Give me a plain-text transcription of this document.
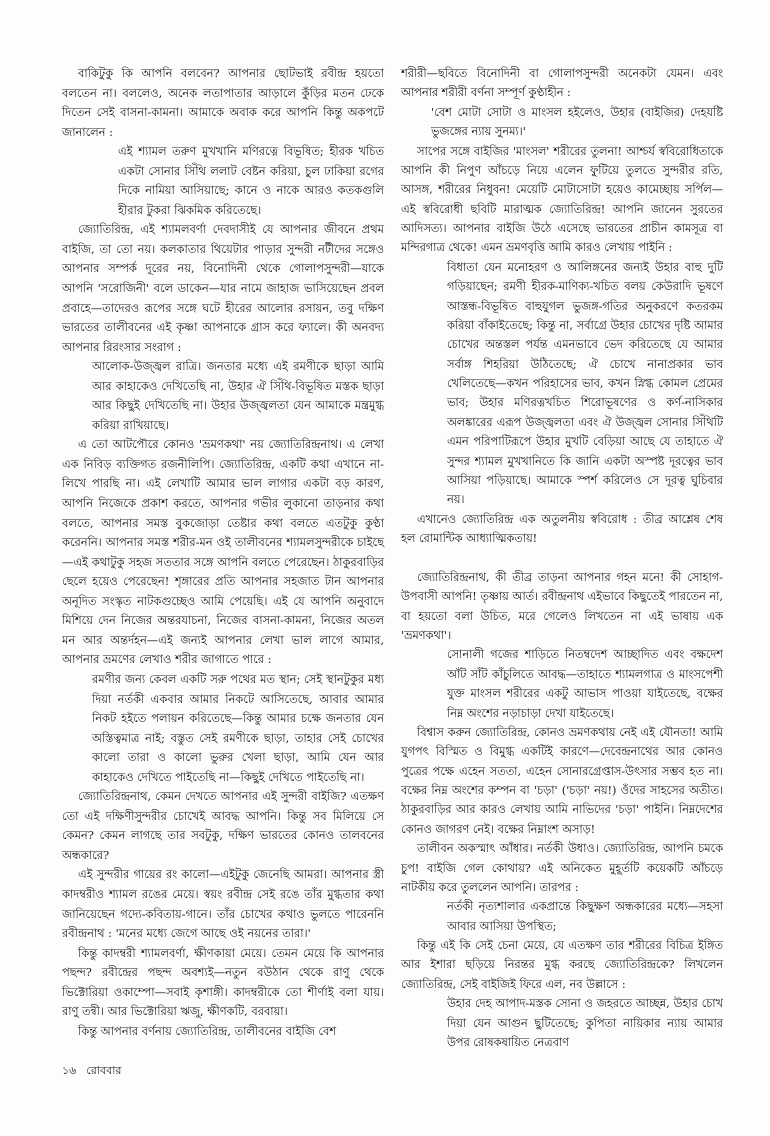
বাকিটুকু কি আপনি বলবেন? আপনার ছোটভাই রবীন্দ্র হয়তো বলতেন না। বললেও, অনেক লতাপাতার আড়ালে কুঁড়ির মতন ঢেকে দিতেন সেই বাসনা-কামনা। আমাকে অবাক করে আপনি কিন্তু অকপটে জানালেন :

এই শ্যামল তরুণ মুখখানি মণিরত্নে বিভূষিত; হীরক খচিত একটা সোনার সিঁথি ললাট বেষ্টন করিয়া, চুল ঢাকিয়া রগের দিকে নামিয়া আসিয়াছে; কানে ও নাকে আরও কতকগুলি হীরার টুকরা ঝিকমিক করিতেছে।

জ্যোতিরিন্দ্র, এই শ্যামলবর্ণা দেবদাসীই যে আপনার জীবনে প্রথম বাইজি, তা তো নয়। কলকাতার থিয়েটার পাড়ার সুন্দরী নটীদের সঙ্গেও আপনার সম্পর্ক দূরের নয়, বিনোদিনী থেকে গোলাপসুন্দরী—যাকে আপনি 'সরোজিনী' বলে ডাকেন—যার নামে জাহাজ ভাসিয়েছেন প্রবল প্রবাহে—তাদেরও রূপের সঙ্গে ঘটে হীরের আলোর রসায়ন, তবু দক্ষিণ ভারতের তালীবনের এই কৃষ্ণা আপনাকে গ্রাস করে ফ্যালে। কী অনবদ্য আপনার রিরংসার সংরাগ :

আলোক-উজ্জ্বল রাত্রি। জনতার মধ্যে এই রমণীকে ছাড়া আমি আর কাহাকেও দেখিতেছি না, উহার ঐ সিঁথি-বিভূষিত মস্তক ছাড়া আর কিছুই দেখিতেছি না। উহার উজ্জ্বলতা যেন আমাকে মন্ত্রমুগ্ধ করিয়া রাখিয়াছে।

এ তো আটপৌরে কোনও 'ভ্রমণকথা' নয় জ্যোতিরিন্দ্রনাথ। এ লেখা এক নিবিড় ব্যক্তিগত রজনীলিপি। জ্যোতিরিন্দ্র, একটি কথা এখানে না-লিখে পারছি না। এই লেখাটি আমার ভাল লাগার একটা বড় কারণ, আপনি নিজেকে প্রকাশ করতে, আপনার গভীর লুকানো তাড়নার কথা বলতে, আপনার সমস্ত বুকজোড়া তেষ্টার কথা বলতে এতটুকু কুণ্ঠা করেননি। আপনার সমস্ত শরীর-মন ওই তালীবনের শ্যামলসুন্দরীকে চাইছে—এই কথাটুকু সহজ সততার সঙ্গে আপনি বলতে পেরেছেন। ঠাকুরবাড়ির ছেলে হয়েও পেরেছেন! শৃঙ্গারের প্রতি আপনার সহজাত টান আপনার অনূদিত সংস্কৃত নাটকগুচ্ছেও আমি পেয়েছি। এই যে আপনি অনুবাদে মিশিয়ে দেন নিজের অন্তরযাচনা, নিজের বাসনা-কামনা, নিজের অতল মন আর অন্তর্দহন—এই জন্যই আপনার লেখা ভাল লাগে আমার, আপনার ভ্রমণের লেখাও শরীর জাগাতে পারে :

রমণীর জন্য কেবল একটি সরু পথের মত স্থান; সেই স্থানটুকুর মধ্য দিয়া নর্তকী একবার আমার নিকটে আসিতেছে, আবার আমার নিকট হইতে পলায়ন করিতেছে—কিন্তু আমার চক্ষে জনতার যেন অস্তিত্বমাত্র নাই; বস্তুত সেই রমণীকে ছাড়া, তাহার সেই চোখের কালো তারা ও কালো ভুরুর খেলা ছাড়া, আমি যেন আর কাহাকেও দেখিতে পাইতেছি না—কিছুই দেখিতে পাইতেছি না।

জ্যোতিরিন্দ্রনাথ, কেমন দেখতে আপনার এই সুন্দরী বাইজি? এতক্ষণ তো এই দক্ষিণীসুন্দরীর চোখেই আবদ্ধ আপনি। কিন্তু সব মিলিয়ে সে কেমন? কেমন লাগছে তার সবটুকু, দক্ষিণ ভারতের কোনও তালবনের অন্ধকারে?

এই সুন্দরীর গায়ের রং কালো—এইটুকু জেনেছি আমরা। আপনার স্ত্রী কাদম্বরীও শ্যামল রঙের মেয়ে। স্বয়ং রবীন্দ্র সেই রঙে তাঁর মুগ্ধতার কথা জানিয়েছেন গদ্যে-কবিতায়-গানে। তাঁর চোখের কথাও ভুলতে পারেননি রবীন্দ্রনাথ : 'মনের মধ্যে জেগে আছে ওই নয়নের তারা।'

কিন্তু কাদম্বরী শ্যামলবর্ণা, ক্ষীণকায়া মেয়ে। তেমন মেয়ে কি আপনার পছন্দ? রবীন্দ্রের পছন্দ অবশ্যই—নতুন বউঠান থেকে রাণু থেকে ভিক্টোরিয়া ওকাম্পো—সবাই কৃশাঙ্গী। কাদম্বরীকে তো শীর্ণাই বলা যায়। রাণু তন্বী। আর ভিক্টোরিয়া ঋজু, ক্ষীণকটি, বরবায়া।

কিন্তু আপনার বর্ণনায় জ্যোতিরিন্দ্র, তালীবনের বাইজি বেশ

শরীরী—ছবিতে বিনোদিনী বা গোলাপসুন্দরী অনেকটা যেমন। এবং আপনার শরীরী বর্ণনা সম্পূর্ণ কুণ্ঠাহীন :

'বেশ মোটা সোটা ও মাংসল হইলেও, উহার (বাইজির) দেহযষ্টি ভুজঙ্গের ন্যায় সুনম্য।'

সাপের সঙ্গে বাইজির 'মাংসল' শরীরের তুলনা! আশ্চর্য স্ববিরোধিতাকে আপনি কী নিপুণ আঁচড়ে নিয়ে এলেন ফুটিয়ে তুলতে সুন্দরীর রতি, আসঙ্গ, শরীরের নিধুবন! মেয়েটি মোটাসোটা হয়েও কামেচ্ছায় সর্পিল—এই স্ববিরোধী ছবিটি মারাত্মক জ্যোতিরিন্দ্র! আপনি জানেন সুরতের আদিসত্য। আপনার বাইজি উঠে এসেছে ভারতের প্রাচীন কামসূত্র বা মন্দিরগাত্র থেকে! এমন ভ্রমণবৃত্তি আমি কারও লেখায় পাইনি :

বিধাতা যেন মনোহরণ ও আলিঙ্গনের জন্যই উহার বাহু দুটি গড়িয়াছেন; রমণী হীরক-মাণিক্য-খচিত বলয় কেউরাদি ভূষণে আস্তন্ধ-বিভূষিত বাহুযুগল ভুজঙ্গ-গতির অনুকরণে কতরকম করিয়া বাঁকাইতেছে; কিন্তু না, সর্বাগ্রে উহার চোখের দৃষ্টি আমার চোখের অন্তস্তল পর্যন্ত এমনভাবে ভেদ করিতেছে যে আমার সর্বাঙ্গ শিহরিয়া উঠিতেছে; ঐ চোখে নানাপ্রকার ভাব খেলিতেছে—কখন পরিহাসের ভাব, কখন স্নিগ্ধ কোমল প্রেমের ভাব; উহার মণিরত্নখচিত শিরোভূষণের ও কর্ণ-নাসিকার অলঙ্কারের এরূপ উজ্জ্বলতা এবং ঐ উজ্জ্বল সোনার সিঁথিটি এমন পরিপাটিরূপে উহার মুখটি বেড়িয়া আছে যে তাহাতে ঐ সুন্দর শ্যামল মুখখানিতে কি জানি একটা অস্পষ্ট দূরত্বের ভাব আসিয়া পড়িয়াছে। আমাকে স্পর্শ করিলেও সে দূরত্ব ঘুচিবার নয়।

এখানেও জ্যোতিরিন্দ্র এক অতুলনীয় স্ববিরোধ : তীব্র আশ্লেষ শেষ হল রোমান্টিক আধ্যাত্মিকতায়!

জ্যোতিরিন্দ্রনাথ, কী তীব্র তাড়না আপনার গহন মনে! কী সোহাগ-উপবাসী আপনি! তৃষ্ণায় আর্ত। রবীন্দ্রনাথ এইভাবে কিছুতেই পারতেন না, বা হয়তো বলা উচিত, মরে গেলেও লিখতেন না এই ভাষায় এক 'ভ্রমণকথা'।

সোনালী গজের শাড়িতে নিতম্বদেশ আচ্ছাদিত এবং বক্ষদেশ আঁট সাঁট কাঁচুলিতে আবদ্ধ—তাহাতে শ্যামলগাত্র ও মাংসপেশী যুক্ত মাংসল শরীরের একটু আভাস পাওয়া যাইতেছে, বক্ষের নিম্ন অংশের নড়াচাড়া দেখা যাইতেছে।

বিশ্বাস করুন জ্যোতিরিন্দ্র, কোনও ভ্রমণকথায় নেই এই যৌনতা! আমি যুগপৎ বিস্মিত ও বিমুগ্ধ একটিই কারণে—দেবেন্দ্রনাথের আর কোনও পুত্রের পক্ষে এহেন সততা, এহেন সোনারগ্রেপ্তাস-উৎসার সম্ভব হত না। বক্ষের নিম্ন অংশের কম্পন বা 'চড়া' ('চড়া' নয়!) ওঁদের সাহসের অতীত। ঠাকুরবাড়ির আর কারও লেখায় আমি নাভিদের 'চড়া' পাইনি। নিম্নদেশের কোনও জাগরণ নেই। বক্ষের নিম্নাংশ অসাড়!

তালীবন অকস্মাৎ আঁধার। নর্তকী উধাও। জ্যোতিরিন্দ্র, আপনি চমকে চুপ! বাইজি গেল কোথায়? এই অনিকেত মুহূর্তটি কয়েকটি আঁচড়ে নাটকীয় করে তুললেন আপনি। তারপর :

নর্তকী নৃত্যশালার একপ্রান্তে কিছুক্ষণ অন্ধকারের মধ্যে—সহসা আবার আসিয়া উপস্থিত;

কিন্তু এই কি সেই চেনা মেয়ে, যে এতক্ষণ তার শরীরের বিচিত্র ইঙ্গিত আর ইশারা ছড়িয়ে নিরন্তর মুগ্ধ করছে জ্যোতিরিন্দ্রকে? লিখলেন জ্যোতিরিন্দ্র, সেই বাইজিই ফিরে এল, নব উল্লাসে :

উহার দেহ আপাদ-মস্তক সোনা ও জহরতে আচ্ছন্ন, উহার চোখ দিয়া যেন আগুন ছুটিতেছে; কুপিতা নায়িকার ন্যায় আমার উপর রোষকষায়িত নেত্রবাণ
১৬ রোববার
